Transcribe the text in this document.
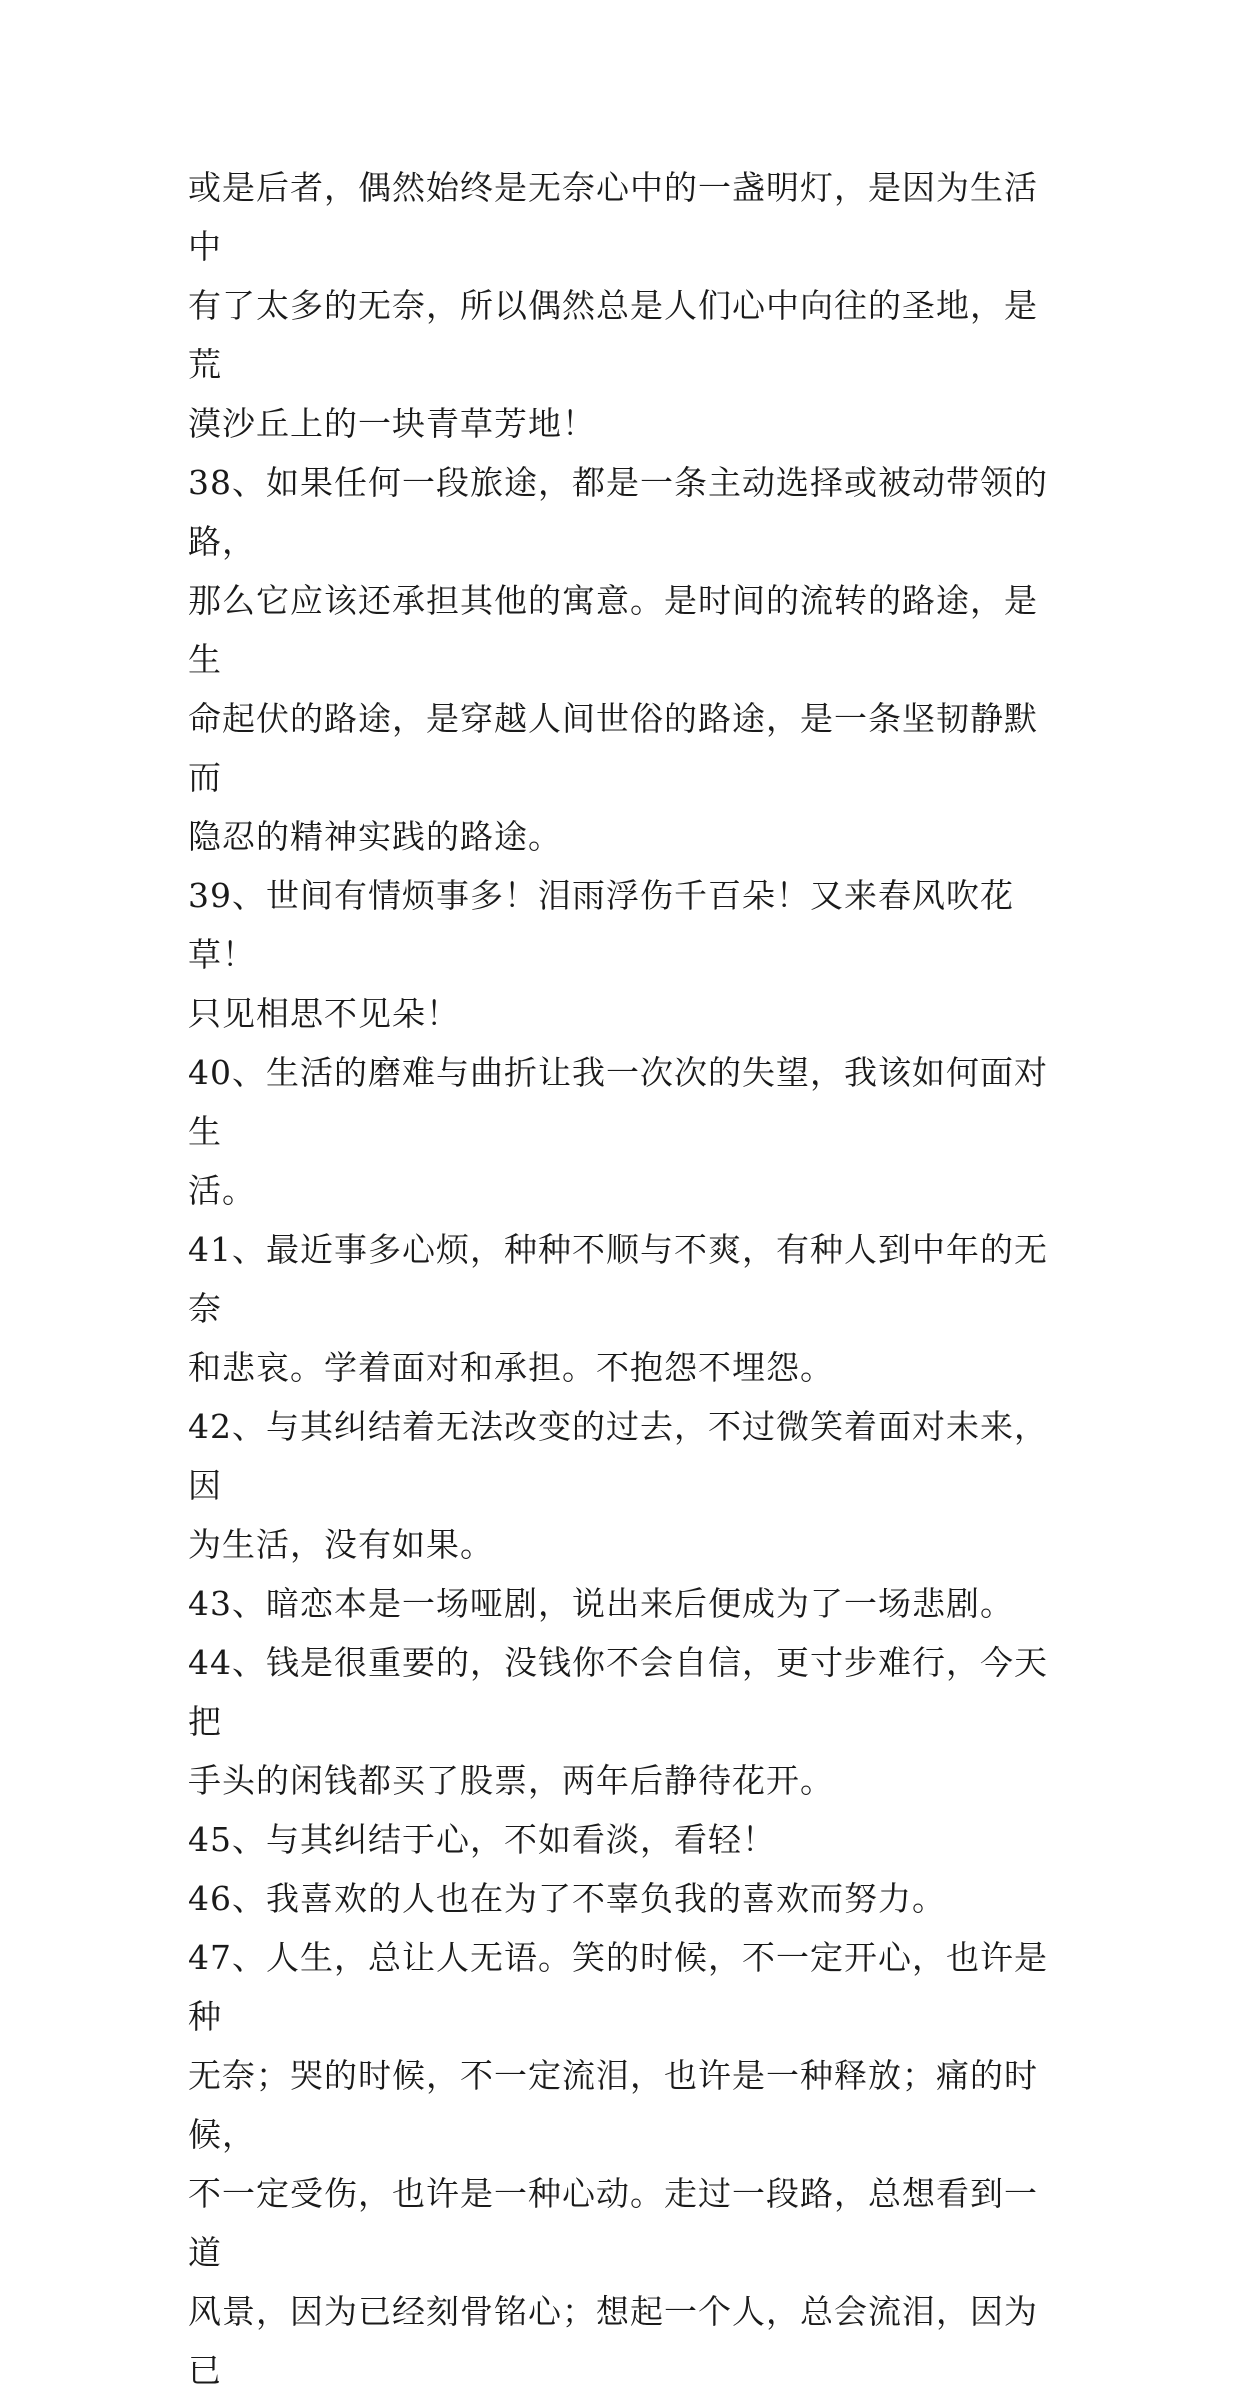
或是后者，偶然始终是无奈心中的一盏明灯，是因为生活中
有了太多的无奈，所以偶然总是人们心中向往的圣地，是荒
漠沙丘上的一块青草芳地！

38、如果任何一段旅途，都是一条主动选择或被动带领的路，
那么它应该还承担其他的寓意。是时间的流转的路途，是生
命起伏的路途，是穿越人间世俗的路途，是一条坚韧静默而
隐忍的精神实践的路途。

39、世间有情烦事多！泪雨浮伤千百朵！又来春风吹花草！
只见相思不见朵！

40、生活的磨难与曲折让我一次次的失望，我该如何面对生
活。

41、最近事多心烦，种种不顺与不爽，有种人到中年的无奈
和悲哀。学着面对和承担。不抱怨不埋怨。

42、与其纠结着无法改变的过去，不过微笑着面对未来，因
为生活，没有如果。

43、暗恋本是一场哑剧，说出来后便成为了一场悲剧。

44、钱是很重要的，没钱你不会自信，更寸步难行，今天把
手头的闲钱都买了股票，两年后静待花开。

45、与其纠结于心，不如看淡，看轻！

46、我喜欢的人也在为了不辜负我的喜欢而努力。

47、人生，总让人无语。笑的时候，不一定开心，也许是种
无奈；哭的时候，不一定流泪，也许是一种释放；痛的时候，
不一定受伤，也许是一种心动。走过一段路，总想看到一道
风景，因为已经刻骨铭心；想起一个人，总会流泪，因为已
